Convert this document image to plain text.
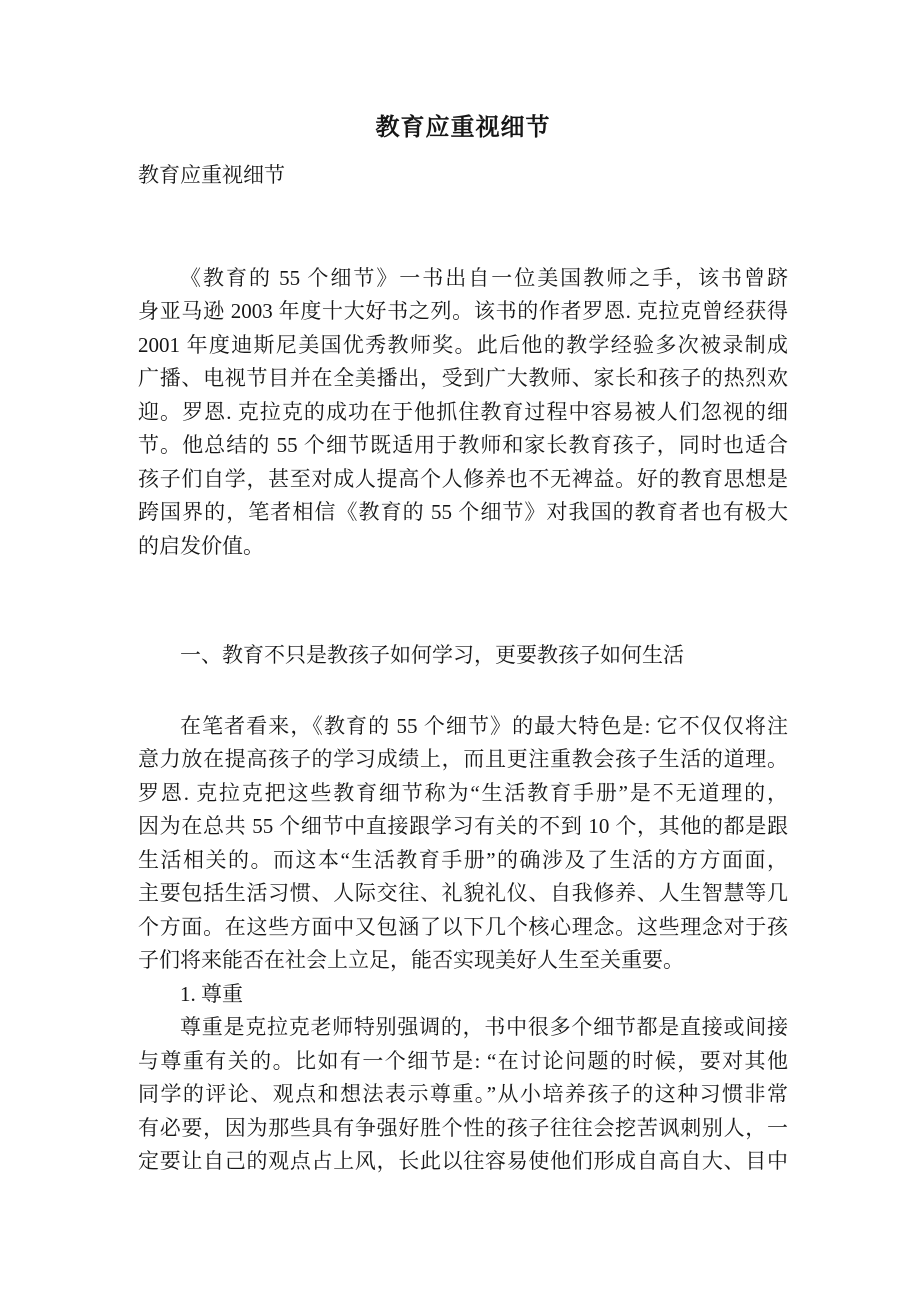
教育应重视细节
教育应重视细节
《教育的 55 个细节》一书出自一位美国教师之手，该书曾跻
身亚马逊 2003 年度十大好书之列。该书的作者罗恩. 克拉克曾经获得
2001 年度迪斯尼美国优秀教师奖。此后他的教学经验多次被录制成
广播、电视节目并在全美播出，受到广大教师、家长和孩子的热烈欢
迎。罗恩. 克拉克的成功在于他抓住教育过程中容易被人们忽视的细
节。他总结的 55 个细节既适用于教师和家长教育孩子，同时也适合
孩子们自学，甚至对成人提高个人修养也不无裨益。好的教育思想是
跨国界的，笔者相信《教育的 55 个细节》对我国的教育者也有极大
的启发价值。
一、教育不只是教孩子如何学习，更要教孩子如何生活
在笔者看来，《教育的 55 个细节》的最大特色是: 它不仅仅将注
意力放在提高孩子的学习成绩上，而且更注重教会孩子生活的道理。
罗恩. 克拉克把这些教育细节称为“生活教育手册”是不无道理的，
因为在总共 55 个细节中直接跟学习有关的不到 10 个，其他的都是跟
生活相关的。而这本“生活教育手册”的确涉及了生活的方方面面，
主要包括生活习惯、人际交往、礼貌礼仪、自我修养、人生智慧等几
个方面。在这些方面中又包涵了以下几个核心理念。这些理念对于孩
子们将来能否在社会上立足，能否实现美好人生至关重要。
1. 尊重
尊重是克拉克老师特别强调的，书中很多个细节都是直接或间接
与尊重有关的。比如有一个细节是: “在讨论问题的时候，要对其他
同学的评论、观点和想法表示尊重。”从小培养孩子的这种习惯非常
有必要，因为那些具有争强好胜个性的孩子往往会挖苦讽刺别人，一
定要让自己的观点占上风，长此以往容易使他们形成自高自大、目中
